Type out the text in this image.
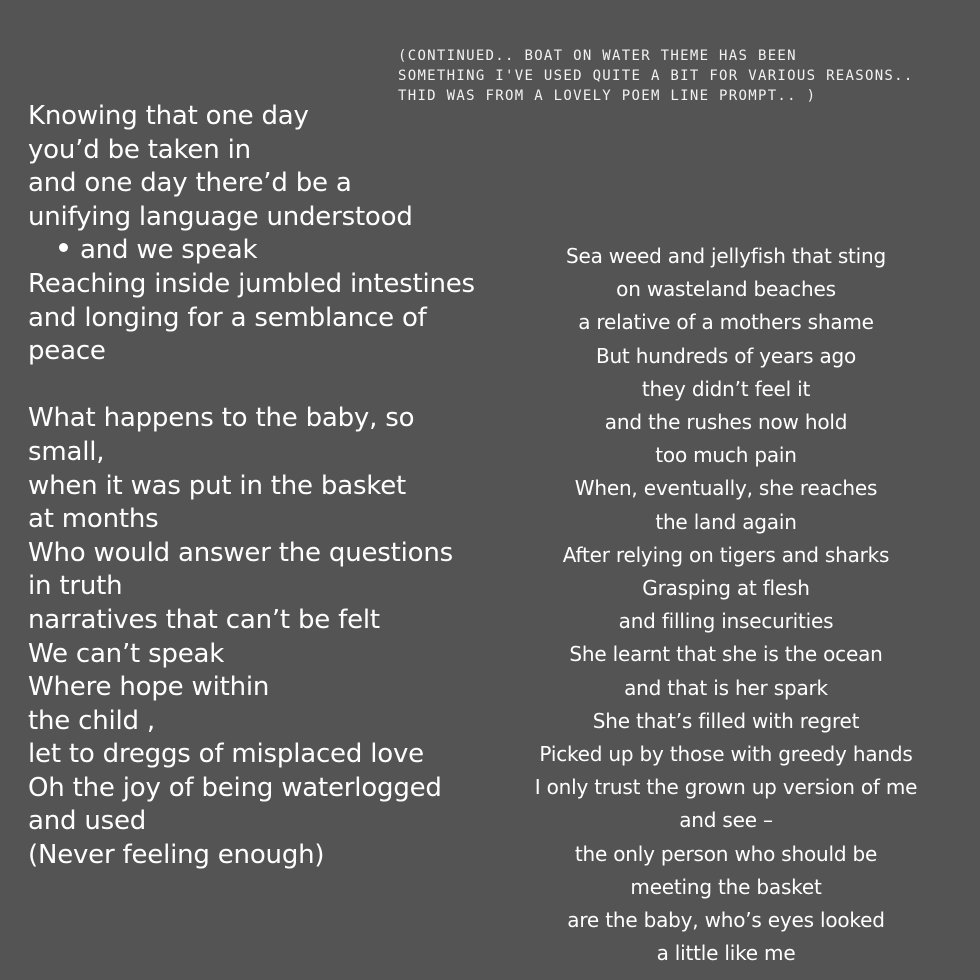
(CONTINUED.. BOAT ON WATER THEME HAS BEEN
SOMETHING I'VE USED QUITE A BIT FOR VARIOUS REASONS..
THID WAS FROM A LOVELY POEM LINE PROMPT.. )
Knowing that one day
you’d be taken in
and one day there’d be a
unifying language understood
and we speak
Reaching inside jumbled intestines
and longing for a semblance of
peace
What happens to the baby, so
small,
when it was put in the basket
at months
Who would answer the questions
in truth
narratives that can’t be felt
We can’t speak
Where hope within
the child ,
let to dreggs of misplaced love
Oh the joy of being waterlogged
and used
(Never feeling enough)
Sea weed and jellyfish that sting
on wasteland beaches
a relative of a mothers shame
But hundreds of years ago
they didn’t feel it
and the rushes now hold
too much pain
When, eventually, she reaches
the land again
After relying on tigers and sharks
Grasping at flesh
and filling insecurities
She learnt that she is the ocean
and that is her spark
She that’s filled with regret
Picked up by those with greedy hands
I only trust the grown up version of me
and see –
the only person who should be
meeting the basket
are the baby, who’s eyes looked
a little like me
